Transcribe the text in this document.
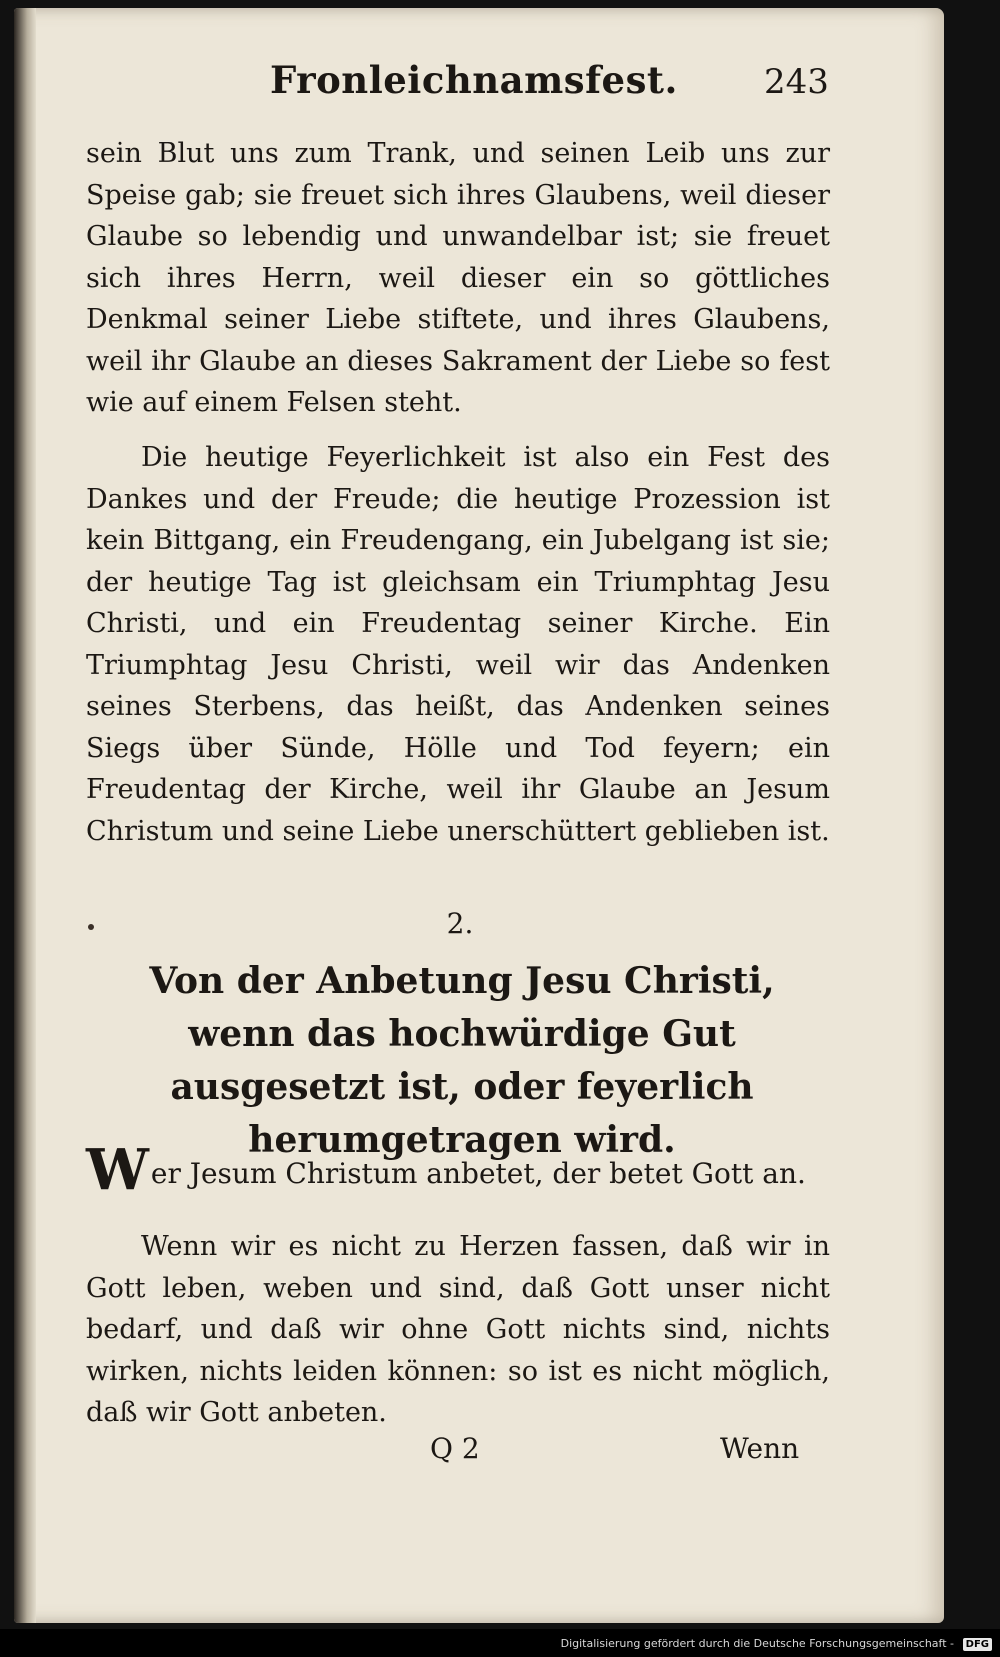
Fronleichnamsfest.	243

sein Blut uns zum Trank, und seinen Leib uns zur Speise gab; sie freuet sich ihres Glaubens, weil dieser Glaube so lebendig und unwandelbar ist; sie freuet sich ihres Herrn, weil dieser ein so göttliches Denkmal seiner Liebe stiftete, und ihres Glaubens, weil ihr Glaube an dieses Sakrament der Liebe so fest wie auf einem Felsen steht.

Die heutige Feyerlichkeit ist also ein Fest des Dankes und der Freude; die heutige Prozession ist kein Bittgang, ein Freudengang, ein Jubelgang ist sie; der heutige Tag ist gleichsam ein Triumphtag Jesu Christi, und ein Freudentag seiner Kirche. Ein Triumphtag Jesu Christi, weil wir das Andenken seines Sterbens, das heißt, das Andenken seines Siegs über Sünde, Hölle und Tod feyern; ein Freudentag der Kirche, weil ihr Glaube an Jesum Christum und seine Liebe unerschüttert geblieben ist.

2.
Von der Anbetung Jesu Christi, wenn das hochwürdige Gut ausgesetzt ist, oder feyerlich herumgetragen wird.
Wer Jesum Christum anbetet, der betet Gott an.

Wenn wir es nicht zu Herzen fassen, daß wir in Gott leben, weben und sind, daß Gott unser nicht bedarf, und daß wir ohne Gott nichts sind, nichts wirken, nichts leiden können: so ist es nicht möglich, daß wir Gott anbeten.

Q 2	Wenn
Digitalisierung gefördert durch die Deutsche Forschungsgemeinschaft -	DFG
